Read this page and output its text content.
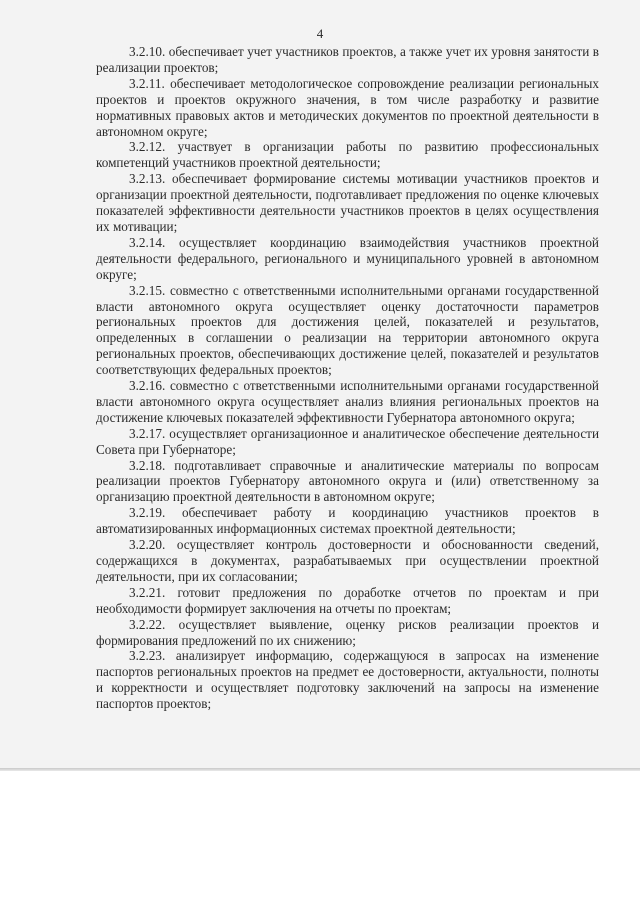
4

3.2.10. обеспечивает учет участников проектов, а также учет их уровня занятости в реализации проектов;

3.2.11. обеспечивает методологическое сопровождение реализации региональных проектов и проектов окружного значения, в том числе разработку и развитие нормативных правовых актов и методических документов по проектной деятельности в автономном округе;

3.2.12. участвует в организации работы по развитию профессиональных компетенций участников проектной деятельности;

3.2.13. обеспечивает формирование системы мотивации участников проектов и организации проектной деятельности, подготавливает предложения по оценке ключевых показателей эффективности деятельности участников проектов в целях осуществления их мотивации;

3.2.14. осуществляет координацию взаимодействия участников проектной деятельности федерального, регионального и муниципального уровней в автономном округе;

3.2.15. совместно с ответственными исполнительными органами государственной власти автономного округа осуществляет оценку достаточности параметров региональных проектов для достижения целей, показателей и результатов, определенных в соглашении о реализации на территории автономного округа региональных проектов, обеспечивающих достижение целей, показателей и результатов соответствующих федеральных проектов;

3.2.16. совместно с ответственными исполнительными органами государственной власти автономного округа осуществляет анализ влияния региональных проектов на достижение ключевых показателей эффективности Губернатора автономного округа;

3.2.17. осуществляет организационное и аналитическое обеспечение деятельности Совета при Губернаторе;

3.2.18. подготавливает справочные и аналитические материалы по вопросам реализации проектов Губернатору автономного округа и (или) ответственному за организацию проектной деятельности в автономном округе;

3.2.19. обеспечивает работу и координацию участников проектов в автоматизированных информационных системах проектной деятельности;

3.2.20. осуществляет контроль достоверности и обоснованности сведений, содержащихся в документах, разрабатываемых при осуществлении проектной деятельности, при их согласовании;

3.2.21. готовит предложения по доработке отчетов по проектам и при необходимости формирует заключения на отчеты по проектам;

3.2.22. осуществляет выявление, оценку рисков реализации проектов и формирования предложений по их снижению;

3.2.23. анализирует информацию, содержащуюся в запросах на изменение паспортов региональных проектов на предмет ее достоверности, актуальности, полноты и корректности и осуществляет подготовку заключений на запросы на изменение паспортов проектов;
